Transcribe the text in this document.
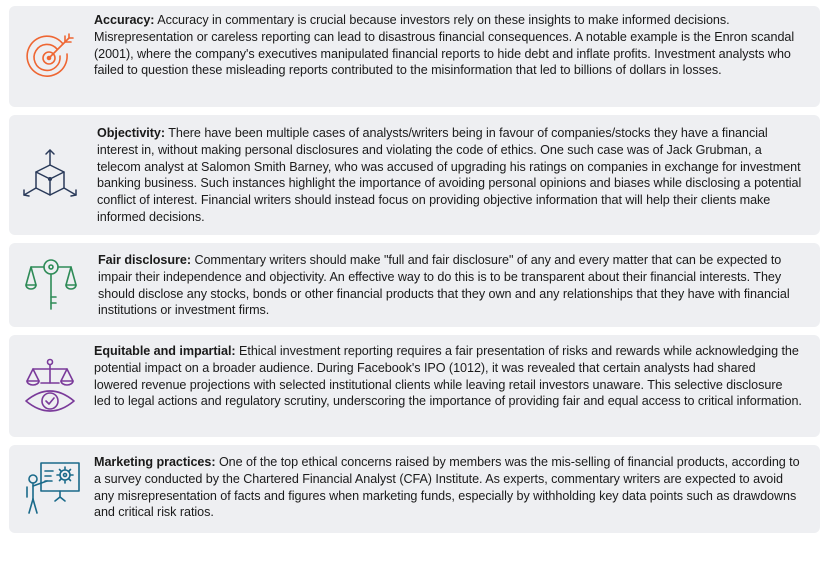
Accuracy: Accuracy in commentary is crucial because investors rely on these insights to make informed decisions. Misrepresentation or careless reporting can lead to disastrous financial consequences. A notable example is the Enron scandal (2001), where the company's executives manipulated financial reports to hide debt and inflate profits. Investment analysts who failed to question these misleading reports contributed to the misinformation that led to billions of dollars in losses.

Objectivity: There have been multiple cases of analysts/writers being in favour of companies/stocks they have a financial interest in, without making personal disclosures and violating the code of ethics. One such case was of Jack Grubman, a telecom analyst at Salomon Smith Barney, who was accused of upgrading his ratings on companies in exchange for investment banking business. Such instances highlight the importance of avoiding personal opinions and biases while disclosing a potential conflict of interest. Financial writers should instead focus on providing objective information that will help their clients make informed decisions.

Fair disclosure: Commentary writers should make "full and fair disclosure" of any and every matter that can be expected to impair their independence and objectivity. An effective way to do this is to be transparent about their financial interests. They should disclose any stocks, bonds or other financial products that they own and any relationships that they have with financial institutions or investment firms.

Equitable and impartial: Ethical investment reporting requires a fair presentation of risks and rewards while acknowledging the potential impact on a broader audience. During Facebook's IPO (1012), it was revealed that certain analysts had shared lowered revenue projections with selected institutional clients while leaving retail investors unaware. This selective disclosure led to legal actions and regulatory scrutiny, underscoring the importance of providing fair and equal access to critical information.

Marketing practices: One of the top ethical concerns raised by members was the mis-selling of financial products, according to a survey conducted by the Chartered Financial Analyst (CFA) Institute. As experts, commentary writers are expected to avoid any misrepresentation of facts and figures when marketing funds, especially by withholding key data points such as drawdowns and critical risk ratios.
